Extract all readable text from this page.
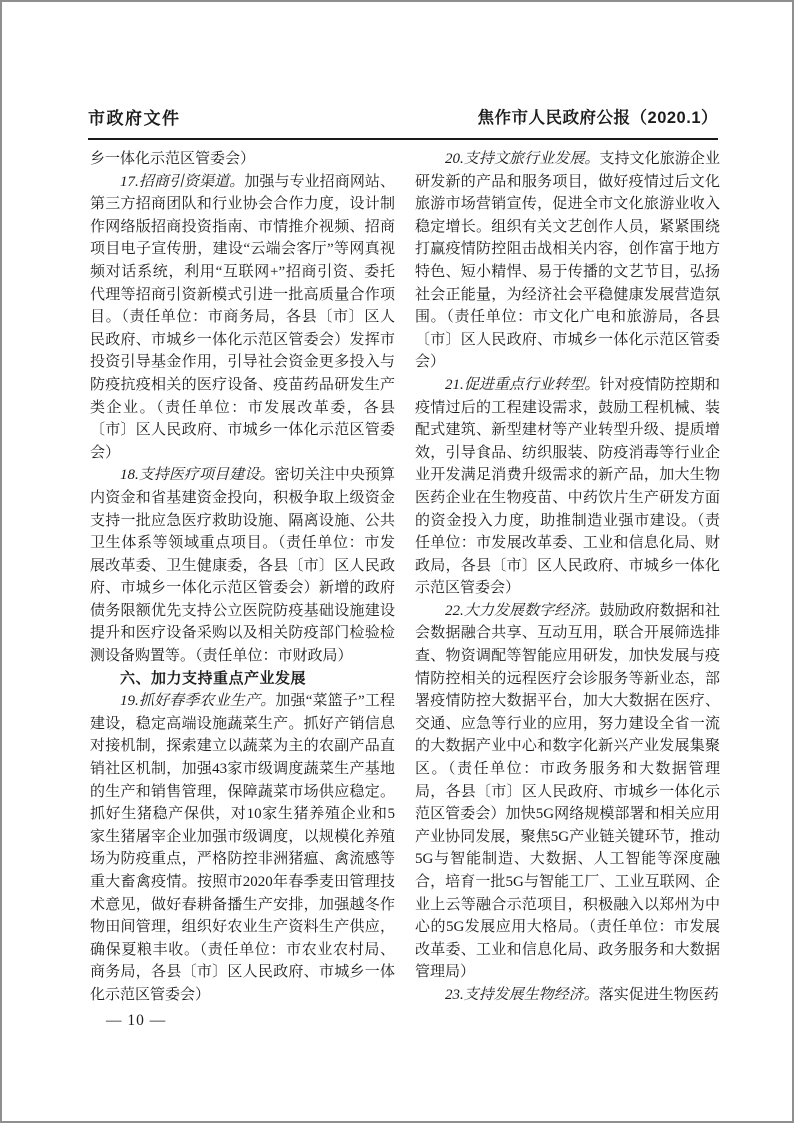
市政府文件	焦作市人民政府公报（2020.1）

乡一体化示范区管委会）

17.招商引资渠道。加强与专业招商网站、第三方招商团队和行业协会合作力度，设计制作网络版招商投资指南、市情推介视频、招商项目电子宣传册，建设“云端会客厅”等网真视频对话系统，利用“互联网+”招商引资、委托代理等招商引资新模式引进一批高质量合作项目。（责任单位：市商务局，各县〔市〕区人民政府、市城乡一体化示范区管委会）发挥市投资引导基金作用，引导社会资金更多投入与防疫抗疫相关的医疗设备、疫苗药品研发生产类企业。（责任单位：市发展改革委，各县〔市〕区人民政府、市城乡一体化示范区管委会）

18.支持医疗项目建设。密切关注中央预算内资金和省基建资金投向，积极争取上级资金支持一批应急医疗救助设施、隔离设施、公共卫生体系等领域重点项目。（责任单位：市发展改革委、卫生健康委，各县〔市〕区人民政府、市城乡一体化示范区管委会）新增的政府债务限额优先支持公立医院防疫基础设施建设提升和医疗设备采购以及相关防疫部门检验检测设备购置等。（责任单位：市财政局）

六、加力支持重点产业发展

19.抓好春季农业生产。加强“菜篮子”工程建设，稳定高端设施蔬菜生产。抓好产销信息对接机制，探索建立以蔬菜为主的农副产品直销社区机制，加强43家市级调度蔬菜生产基地的生产和销售管理，保障蔬菜市场供应稳定。抓好生猪稳产保供，对10家生猪养殖企业和5家生猪屠宰企业加强市级调度，以规模化养殖场为防疫重点，严格防控非洲猪瘟、禽流感等重大畜禽疫情。按照市2020年春季麦田管理技术意见，做好春耕备播生产安排，加强越冬作物田间管理，组织好农业生产资料生产供应，确保夏粮丰收。（责任单位：市农业农村局、商务局，各县〔市〕区人民政府、市城乡一体化示范区管委会）

20.支持文旅行业发展。支持文化旅游企业研发新的产品和服务项目，做好疫情过后文化旅游市场营销宣传，促进全市文化旅游业收入稳定增长。组织有关文艺创作人员，紧紧围绕打赢疫情防控阻击战相关内容，创作富于地方特色、短小精悍、易于传播的文艺节目，弘扬社会正能量，为经济社会平稳健康发展营造氛围。（责任单位：市文化广电和旅游局，各县〔市〕区人民政府、市城乡一体化示范区管委会）

21.促进重点行业转型。针对疫情防控期和疫情过后的工程建设需求，鼓励工程机械、装配式建筑、新型建材等产业转型升级、提质增效，引导食品、纺织服装、防疫消毒等行业企业开发满足消费升级需求的新产品，加大生物医药企业在生物疫苗、中药饮片生产研发方面的资金投入力度，助推制造业强市建设。（责任单位：市发展改革委、工业和信息化局、财政局，各县〔市〕区人民政府、市城乡一体化示范区管委会）

22.大力发展数字经济。鼓励政府数据和社会数据融合共享、互动互用，联合开展筛选排查、物资调配等智能应用研发，加快发展与疫情防控相关的远程医疗会诊服务等新业态，部署疫情防控大数据平台，加大大数据在医疗、交通、应急等行业的应用，努力建设全省一流的大数据产业中心和数字化新兴产业发展集聚区。（责任单位：市政务服务和大数据管理局，各县〔市〕区人民政府、市城乡一体化示范区管委会）加快5G网络规模部署和相关应用产业协同发展，聚焦5G产业链关键环节，推动5G与智能制造、大数据、人工智能等深度融合，培育一批5G与智能工厂、工业互联网、企业上云等融合示范项目，积极融入以郑州为中心的5G发展应用大格局。（责任单位：市发展改革委、工业和信息化局、政务服务和大数据管理局）

23.支持发展生物经济。落实促进生物医药

— 10 —
